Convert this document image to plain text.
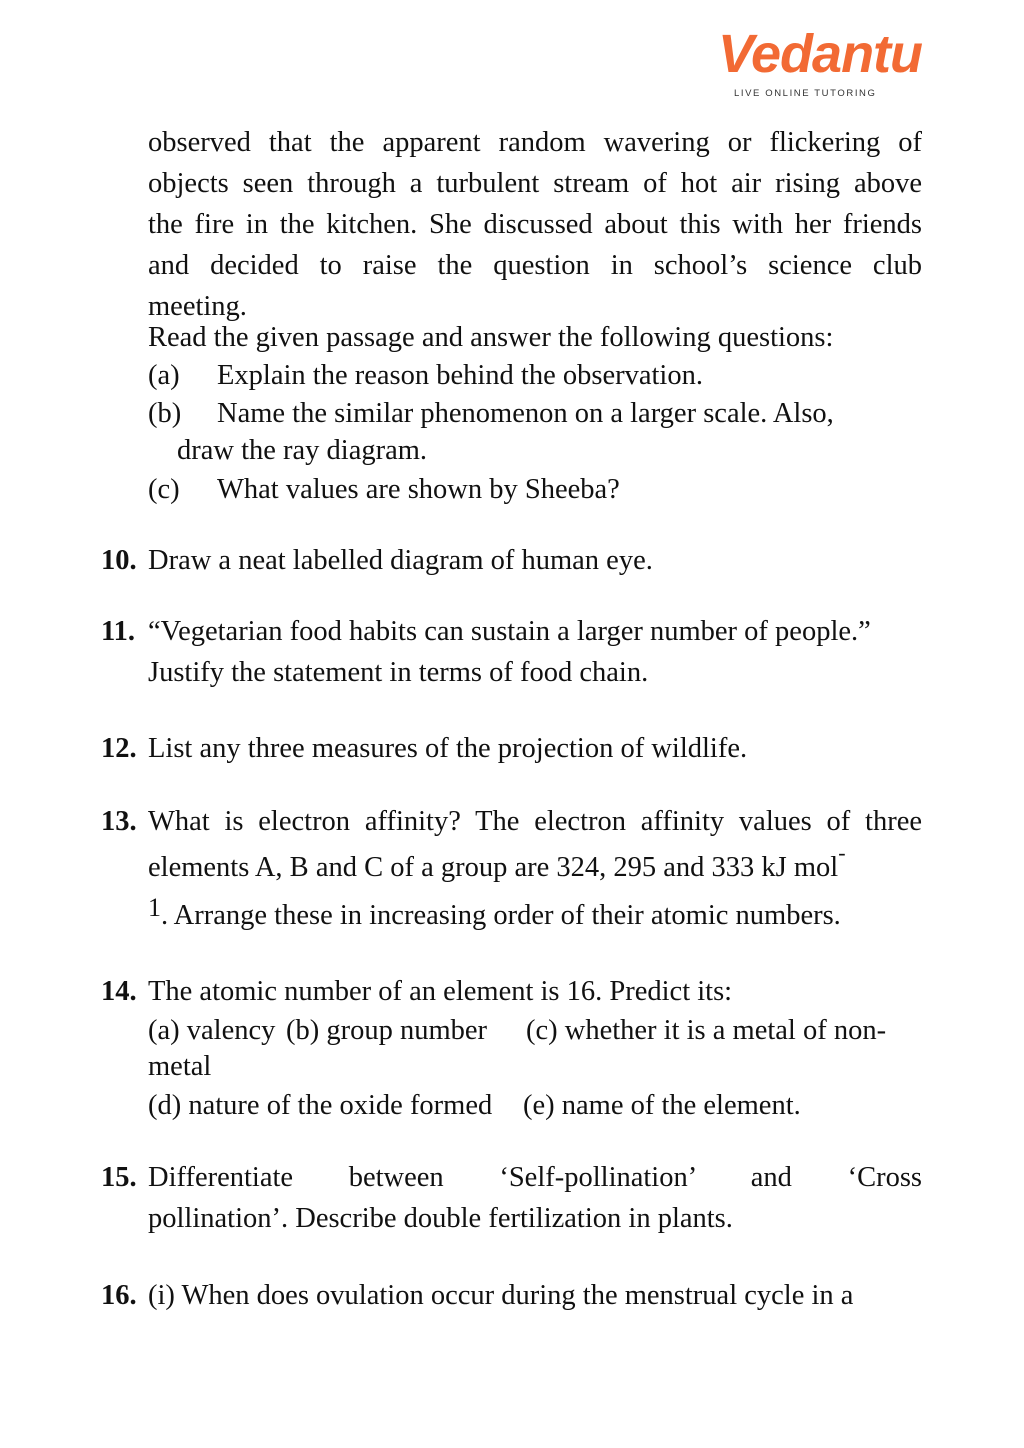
Vedantu
LIVE ONLINE TUTORING
observed that the apparent random wavering or flickering of
objects seen through a turbulent stream of hot air rising above
the fire in the kitchen. She discussed about this with her friends
and decided to raise the question in school’s science club
meeting.
Read the given passage and answer the following questions:
(a) Explain the reason behind the observation.
(b) Name the similar phenomenon on a larger scale. Also,
draw the ray diagram.
(c) What values are shown by Sheeba?
10. Draw a neat labelled diagram of human eye.
11. “Vegetarian food habits can sustain a larger number of people.”
Justify the statement in terms of food chain.
12. List any three measures of the projection of wildlife.
13. What is electron affinity? The electron affinity values of three
elements A, B and C of a group are 324, 295 and 333 kJ mol-
1. Arrange these in increasing order of their atomic numbers.
14. The atomic number of an element is 16. Predict its:
(a) valency (b) group number (c) whether it is a metal of non-
metal
(d) nature of the oxide formed (e) name of the element.
15. Differentiate between ‘Self-pollination’ and ‘Cross
pollination’. Describe double fertilization in plants.
16. (i) When does ovulation occur during the menstrual cycle in a
